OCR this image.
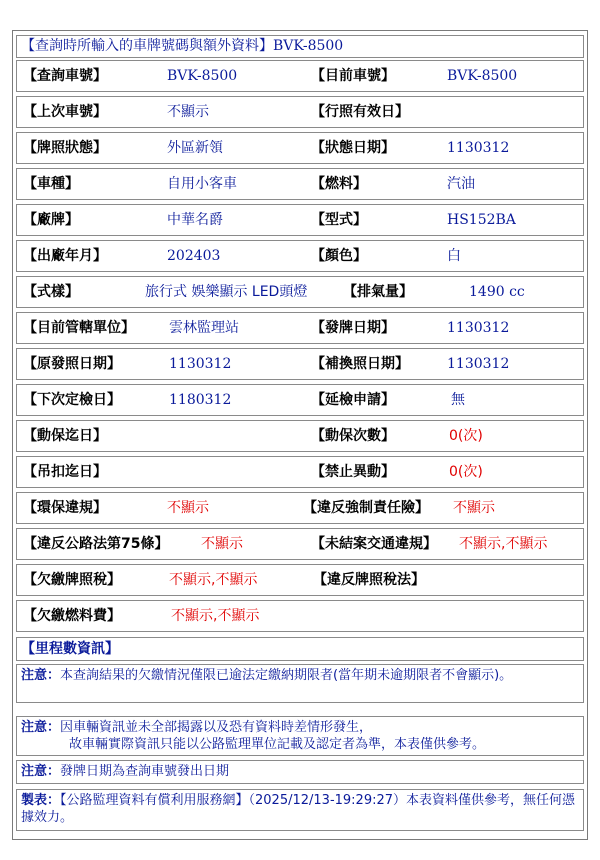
【查詢時所輸入的車牌號碼與額外資料】BVK-8500
【查詢車號】	BVK-8500	【目前車號】	BVK-8500
【上次車號】	不顯示	【行照有效日】
【牌照狀態】	外區新領	【狀態日期】	1130312
【車種】	自用小客車	【燃料】	汽油
【廠牌】	中華名爵	【型式】	HS152BA
【出廠年月】	202403	【顏色】	白
【式樣】	旅行式 娛樂顯示 LED頭燈	【排氣量】	1490 cc
【目前管轄單位】 雲林監理站	【發牌日期】	1130312
【原發照日期】	1130312	【補換照日期】	1130312
【下次定檢日】	1180312	【延檢申請】	無
【動保迄日】	【動保次數】	0(次)
【吊扣迄日】	【禁止異動】	0(次)
【環保違規】	不顯示	【違反強制責任險】 不顯示
【違反公路法第75條】 不顯示	【未結案交通違規】 不顯示,不顯示
【欠繳牌照稅】	不顯示,不顯示	【違反牌照稅法】
【欠繳燃料費】	不顯示,不顯示
【里程數資訊】
注意：本查詢結果的欠繳情況僅限已逾法定繳納期限者(當年期未逾期限者不會顯示)。
注意：因車輛資訊並未全部揭露以及恐有資料時差情形發生，
故車輛實際資訊只能以公路監理單位記載及認定者為準，本表僅供參考。
注意：發牌日期為查詢車號發出日期
製表：【公路監理資料有償利用服務網】（2025/12/13-19:29:27）本表資料僅供參考，無任何憑據效力。
